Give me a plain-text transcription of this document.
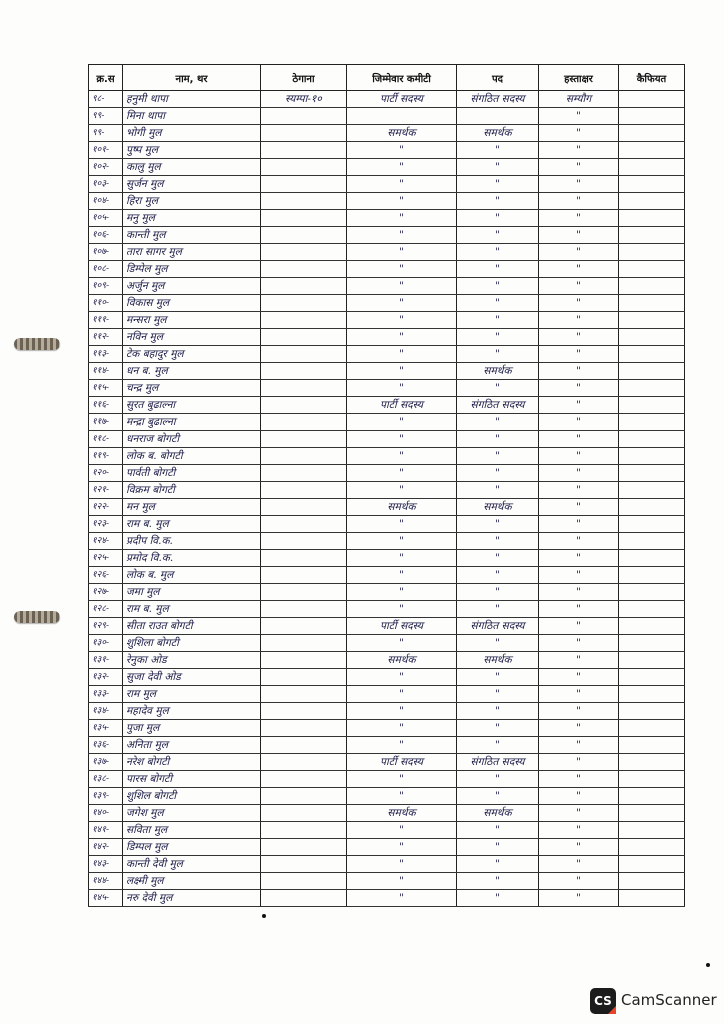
क्र.स	नाम, थर	ठेगाना	जिम्मेवार कमीटी	पद	हस्ताक्षर	कैफियत
९८-	हनुमी थापा	स्यम्पा-१०	पार्टी सदस्य	संगठित सदस्य	सम्यौग	
९९-	मिना थापा				"	
९९-	भोगी मुल		समर्थक	समर्थक	"	
१०१-	पुष्प मुल		"	"	"	
१०२-	कालु मुल		"	"	"	
१०३-	सुर्जन मुल		"	"	"	
१०४-	हिरा मुल		"	"	"	
१०५-	मनु मुल		"	"	"	
१०६-	कान्ती मुल		"	"	"	
१०७-	तारा सागर मुल		"	"	"	
१०८-	डिम्पेल मुल		"	"	"	
१०९-	अर्जुन मुल		"	"	"	
११०-	विकास मुल		"	"	"	
१११-	मन्सरा मुल		"	"	"	
११२-	नविन मुल		"	"	"	
११३-	टेक बहादुर मुल		"	"	"	
११४-	धन ब. मुल		"	समर्थक	"	
११५-	चन्द्र मुल		"	"	"	
११६-	सुरत बुढाल्ना		पार्टी सदस्य	संगठित सदस्य	"	
११७-	मन्द्रा बुढाल्ना		"	"	"	
११८-	धनराज बोगटी		"	"	"	
११९-	लोक ब. बोगटी		"	"	"	
१२०-	पार्वती बोगटी		"	"	"	
१२१-	विक्रम बोगटी		"	"	"	
१२२-	मन मुल		समर्थक	समर्थक	"	
१२३-	राम ब. मुल		"	"	"	
१२४-	प्रदीप वि.क.		"	"	"	
१२५-	प्रमोद वि.क.		"	"	"	
१२६-	लोक ब. मुल		"	"	"	
१२७-	जमा मुल		"	"	"	
१२८-	राम ब. मुल		"	"	"	
१२९-	सीता राउत बोगटी		पार्टी सदस्य	संगठित सदस्य	"	
१३०-	शुशिला बोगटी		"	"	"	
१३१-	रेनुका ओड		समर्थक	समर्थक	"	
१३२-	सुजा देवी ओड		"	"	"	
१३३-	राम मुल		"	"	"	
१३४-	महादेव मुल		"	"	"	
१३५-	पुजा मुल		"	"	"	
१३६-	अनिता मुल		"	"	"	
१३७-	नरेश बोगटी		पार्टी सदस्य	संगठित सदस्य	"	
१३८-	पारस बोगटी		"	"	"	
१३९-	शुशिल बोगटी		"	"	"	
१४०-	जगेश मुल		समर्थक	समर्थक	"	
१४१-	सविता मुल		"	"	"	
१४२-	डिम्पल मुल		"	"	"	
१४३-	कान्ती देवी मुल		"	"	"	
१४४-	लक्ष्मी मुल		"	"	"	
१४५-	नरु देवी मुल		"	"	"	
CS CamScanner
